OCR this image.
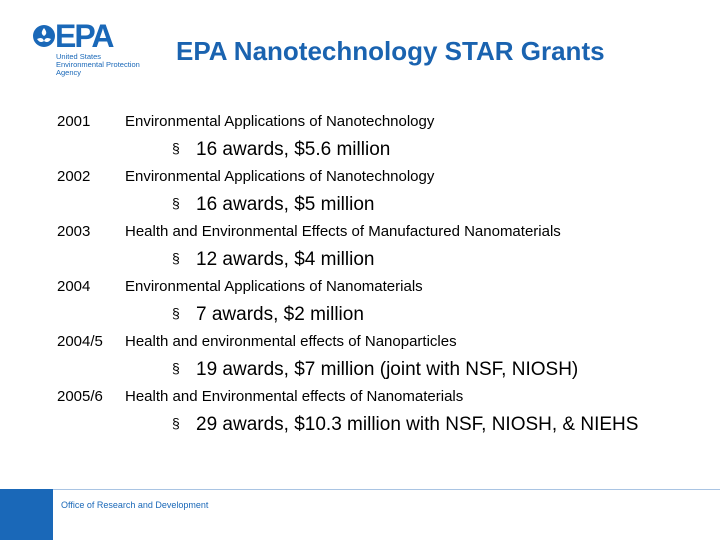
EPA
United States
Environmental Protection
Agency
EPA Nanotechnology STAR Grants
2001 Environmental Applications of Nanotechnology
§ 16 awards, $5.6 million
2002 Environmental Applications of Nanotechnology
§ 16 awards, $5 million
2003 Health and Environmental Effects of Manufactured Nanomaterials
§ 12 awards, $4 million
2004 Environmental Applications of Nanomaterials
§ 7 awards, $2 million
2004/5 Health and environmental effects of Nanoparticles
§ 19 awards, $7 million (joint with NSF, NIOSH)
2005/6 Health and Environmental effects of Nanomaterials
§ 29 awards, $10.3 million with NSF, NIOSH, & NIEHS
Office of Research and Development
